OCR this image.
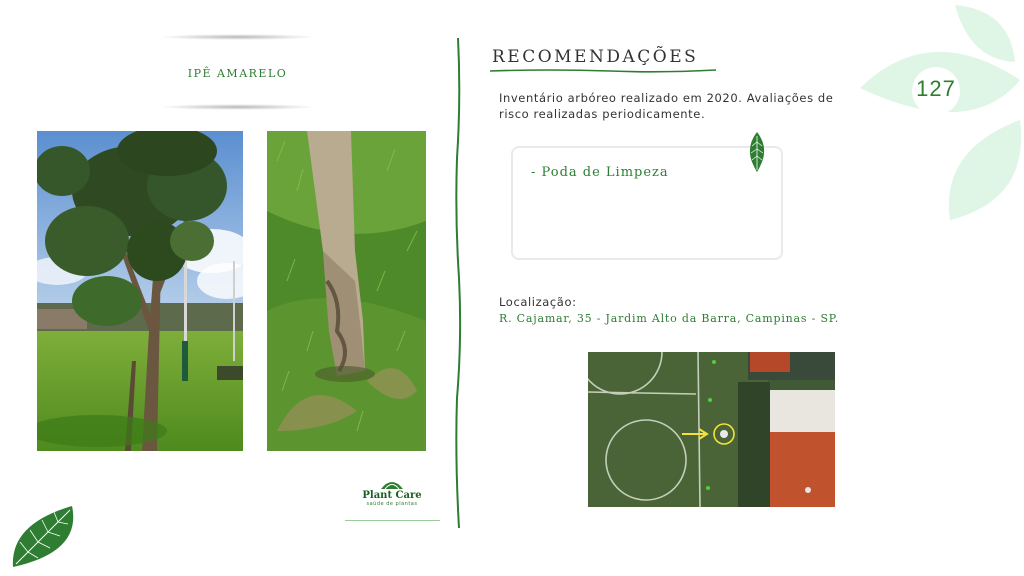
IPÊ AMARELO
Plant Care
saúde de plantas
RECOMENDAÇÕES
Inventário arbóreo realizado em 2020. Avaliações de risco realizadas periodicamente.
- Poda de Limpeza
Localização:
R. Cajamar, 35 - Jardim Alto da Barra, Campinas - SP.
127
